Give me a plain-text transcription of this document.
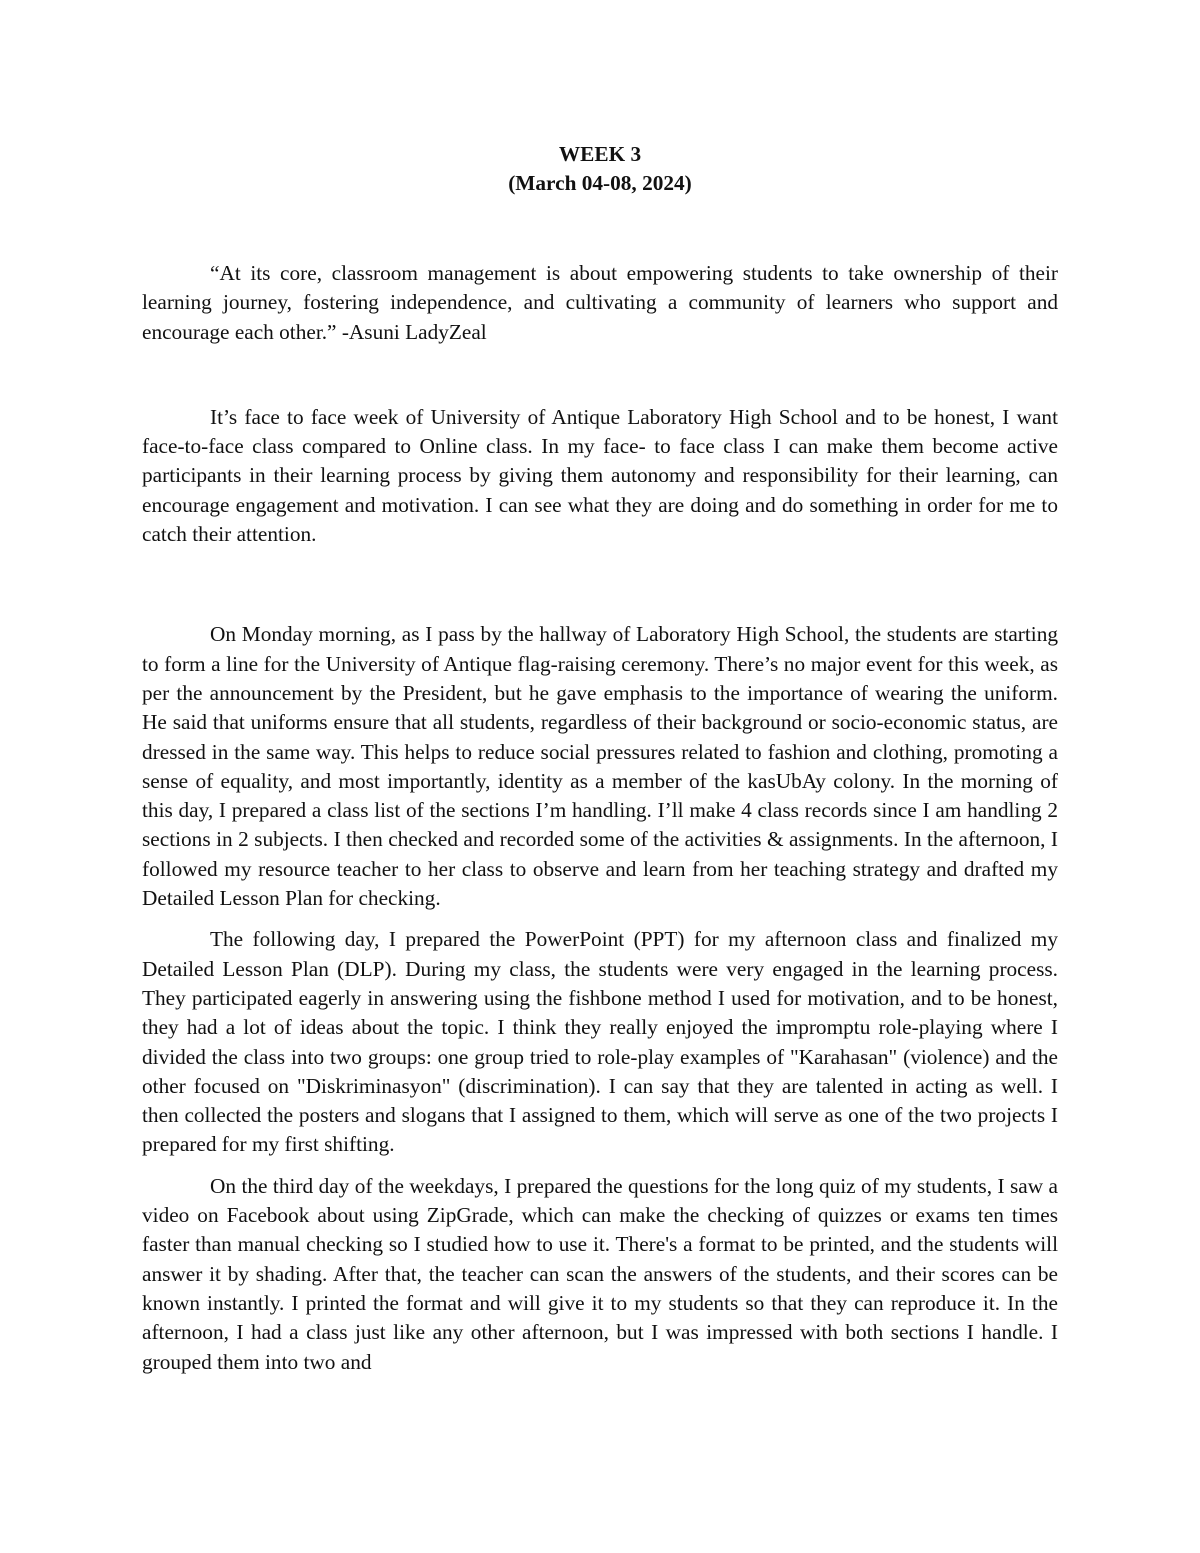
WEEK 3
(March 04-08, 2024)

“At its core, classroom management is about empowering students to take ownership of their learning journey, fostering independence, and cultivating a community of learners who support and encourage each other.” -Asuni LadyZeal

It’s face to face week of University of Antique Laboratory High School and to be honest, I want face-to-face class compared to Online class. In my face- to face class I can make them become active participants in their learning process by giving them autonomy and responsibility for their learning, can encourage engagement and motivation. I can see what they are doing and do something in order for me to catch their attention.

On Monday morning, as I pass by the hallway of Laboratory High School, the students are starting to form a line for the University of Antique flag-raising ceremony. There’s no major event for this week, as per the announcement by the President, but he gave emphasis to the importance of wearing the uniform. He said that uniforms ensure that all students, regardless of their background or socio-economic status, are dressed in the same way. This helps to reduce social pressures related to fashion and clothing, promoting a sense of equality, and most importantly, identity as a member of the kasUbAy colony. In the morning of this day, I prepared a class list of the sections I’m handling. I’ll make 4 class records since I am handling 2 sections in 2 subjects. I then checked and recorded some of the activities & assignments. In the afternoon, I followed my resource teacher to her class to observe and learn from her teaching strategy and drafted my Detailed Lesson Plan for checking.

The following day, I prepared the PowerPoint (PPT) for my afternoon class and finalized my Detailed Lesson Plan (DLP). During my class, the students were very engaged in the learning process. They participated eagerly in answering using the fishbone method I used for motivation, and to be honest, they had a lot of ideas about the topic. I think they really enjoyed the impromptu role-playing where I divided the class into two groups: one group tried to role-play examples of "Karahasan" (violence) and the other focused on "Diskriminasyon" (discrimination). I can say that they are talented in acting as well. I then collected the posters and slogans that I assigned to them, which will serve as one of the two projects I prepared for my first shifting.

On the third day of the weekdays, I prepared the questions for the long quiz of my students, I saw a video on Facebook about using ZipGrade, which can make the checking of quizzes or exams ten times faster than manual checking so I studied how to use it. There's a format to be printed, and the students will answer it by shading. After that, the teacher can scan the answers of the students, and their scores can be known instantly. I printed the format and will give it to my students so that they can reproduce it. In the afternoon, I had a class just like any other afternoon, but I was impressed with both sections I handle. I grouped them into two and
